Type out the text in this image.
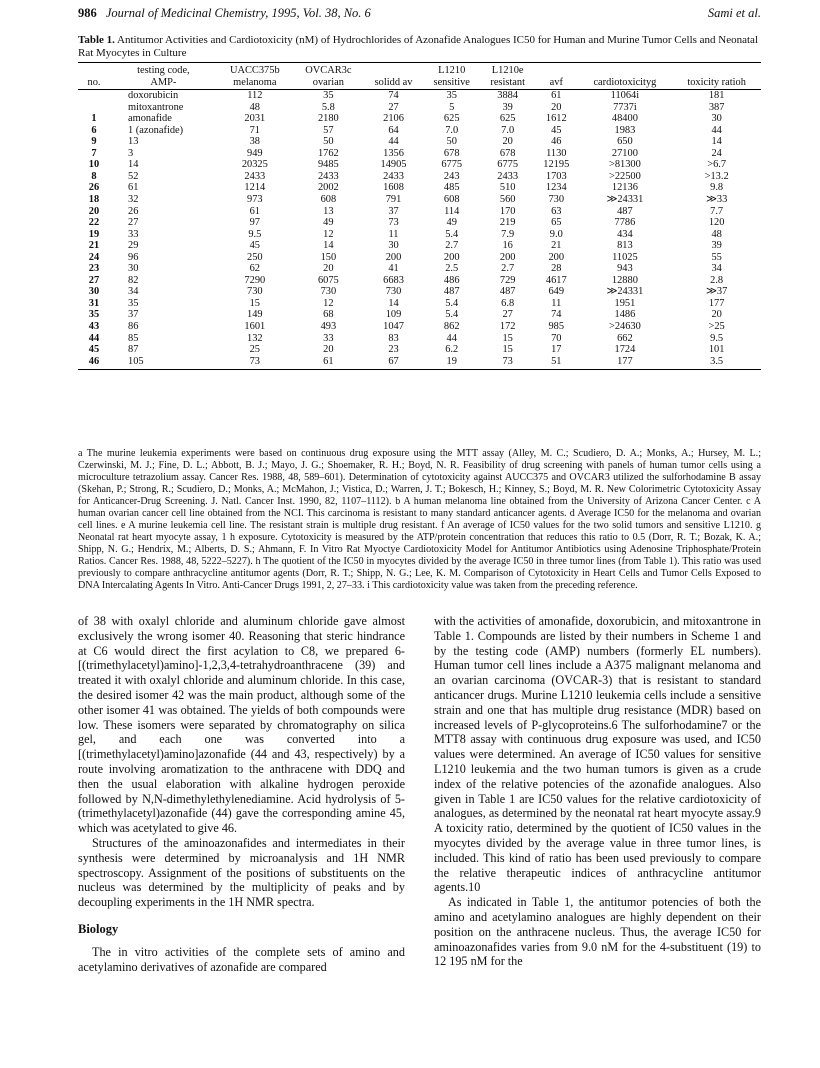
986 Journal of Medicinal Chemistry, 1995, Vol. 38, No. 6	Sami et al.
Table 1. Antitumor Activities and Cardiotoxicity (nM) of Hydrochlorides of Azonafide Analogues IC50 for Human and Murine Tumor Cells and Neonatal Rat Myocytes in Culture
	testing code,	UACC375b	OVCAR3c		L1210	L1210e			
no.	AMP-	melanoma	ovarian	solidd av	sensitive	resistant	avf	cardiotoxicityg	toxicity ratioh
	doxorubicin	112	35	74	35	3884	61	11064i	181
	mitoxantrone	48	5.8	27	5	39	20	7737i	387
1	amonafide	2031	2180	2106	625	625	1612	48400	30
6	1 (azonafide)	71	57	64	7.0	7.0	45	1983	44
9	13	38	50	44	50	20	46	650	14
7	3	949	1762	1356	678	678	1130	27100	24
10	14	20325	9485	14905	6775	6775	12195	>81300	>6.7
8	52	2433	2433	2433	243	2433	1703	>22500	>13.2
26	61	1214	2002	1608	485	510	1234	12136	9.8
18	32	973	608	791	608	560	730	≫24331	≫33
20	26	61	13	37	114	170	63	487	7.7
22	27	97	49	73	49	219	65	7786	120
19	33	9.5	12	11	5.4	7.9	9.0	434	48
21	29	45	14	30	2.7	16	21	813	39
24	96	250	150	200	200	200	200	11025	55
23	30	62	20	41	2.5	2.7	28	943	34
27	82	7290	6075	6683	486	729	4617	12880	2.8
30	34	730	730	730	487	487	649	≫24331	≫37
31	35	15	12	14	5.4	6.8	11	1951	177
35	37	149	68	109	5.4	27	74	1486	20
43	86	1601	493	1047	862	172	985	>24630	>25
44	85	132	33	83	44	15	70	662	9.5
45	87	25	20	23	6.2	15	17	1724	101
46	105	73	61	67	19	73	51	177	3.5
a The murine leukemia experiments were based on continuous drug exposure using the MTT assay (Alley, M. C.; Scudiero, D. A.; Monks, A.; Hursey, M. L.; Czerwinski, M. J.; Fine, D. L.; Abbott, B. J.; Mayo, J. G.; Shoemaker, R. H.; Boyd, N. R. Feasibility of drug screening with panels of human tumor cells using a microculture tetrazolium assay. Cancer Res. 1988, 48, 589–601). Determination of cytotoxicity against AUCC375 and OVCAR3 utilized the sulforhodamine B assay (Skehan, P.; Strong, R.; Scudiero, D.; Monks, A.; McMahon, J.; Vistica, D.; Warren, J. T.; Bokesch, H.; Kinney, S.; Boyd, M. R. New Colorimetric Cytotoxicity Assay for Anticancer-Drug Screening. J. Natl. Cancer Inst. 1990, 82, 1107–1112). b A human melanoma line obtained from the University of Arizona Cancer Center. c A human ovarian cancer cell line obtained from the NCI. This carcinoma is resistant to many standard anticancer agents. d Average IC50 for the melanoma and ovarian cell lines. e A murine leukemia cell line. The resistant strain is multiple drug resistant. f An average of IC50 values for the two solid tumors and sensitive L1210. g Neonatal rat heart myocyte assay, 1 h exposure. Cytotoxicity is measured by the ATP/protein concentration that reduces this ratio to 0.5 (Dorr, R. T.; Bozak, K. A.; Shipp, N. G.; Hendrix, M.; Alberts, D. S.; Ahmann, F. In Vitro Rat Myoctye Cardiotoxicity Model for Antitumor Antibiotics using Adenosine Triphosphate/Protein Ratios. Cancer Res. 1988, 48, 5222–5227). h The quotient of the IC50 in myocytes divided by the average IC50 in three tumor lines (from Table 1). This ratio was used previously to compare anthracycline antitumor agents (Dorr, R. T.; Shipp, N. G.; Lee, K. M. Comparison of Cytotoxicity in Heart Cells and Tumor Cells Exposed to DNA Intercalating Agents In Vitro. Anti-Cancer Drugs 1991, 2, 27–33. i This cardiotoxicity value was taken from the preceding reference.

of 38 with oxalyl chloride and aluminum chloride gave almost exclusively the wrong isomer 40. Reasoning that steric hindrance at C6 would direct the first acylation to C8, we prepared 6-[(trimethylacetyl)amino]-1,2,3,4-tetrahydroanthracene (39) and treated it with oxalyl chloride and aluminum chloride. In this case, the desired isomer 42 was the main product, although some of the other isomer 41 was obtained. The yields of both compounds were low. These isomers were separated by chromatography on silica gel, and each one was converted into a [(trimethylacetyl)amino]azonafide (44 and 43, respectively) by a route involving aromatization to the anthracene with DDQ and then the usual elaboration with alkaline hydrogen peroxide followed by N,N-dimethylethylenediamine. Acid hydrolysis of 5-(trimethylacetyl)azonafide (44) gave the corresponding amine 45, which was acetylated to give 46.

Structures of the aminoazonafides and intermediates in their synthesis were determined by microanalysis and 1H NMR spectroscopy. Assignment of the positions of substituents on the nucleus was determined by the multiplicity of peaks and by decoupling experiments in the 1H NMR spectra.

Biology

The in vitro activities of the complete sets of amino and acetylamino derivatives of azonafide are compared

with the activities of amonafide, doxorubicin, and mitoxantrone in Table 1. Compounds are listed by their numbers in Scheme 1 and by the testing code (AMP) numbers (formerly EL numbers). Human tumor cell lines include a A375 malignant melanoma and an ovarian carcinoma (OVCAR-3) that is resistant to standard anticancer drugs. Murine L1210 leukemia cells include a sensitive strain and one that has multiple drug resistance (MDR) based on increased levels of P-glycoproteins.6 The sulforhodamine7 or the MTT8 assay with continuous drug exposure was used, and IC50 values were determined. An average of IC50 values for sensitive L1210 leukemia and the two human tumors is given as a crude index of the relative potencies of the azonafide analogues. Also given in Table 1 are IC50 values for the relative cardiotoxicity of analogues, as determined by the neonatal rat heart myocyte assay.9 A toxicity ratio, determined by the quotient of IC50 values in the myocytes divided by the average value in three tumor lines, is included. This kind of ratio has been used previously to compare the relative therapeutic indices of anthracycline antitumor agents.10

As indicated in Table 1, the antitumor potencies of both the amino and acetylamino analogues are highly dependent on their position on the anthracene nucleus. Thus, the average IC50 for aminoazonafides varies from 9.0 nM for the 4-substituent (19) to 12 195 nM for the
